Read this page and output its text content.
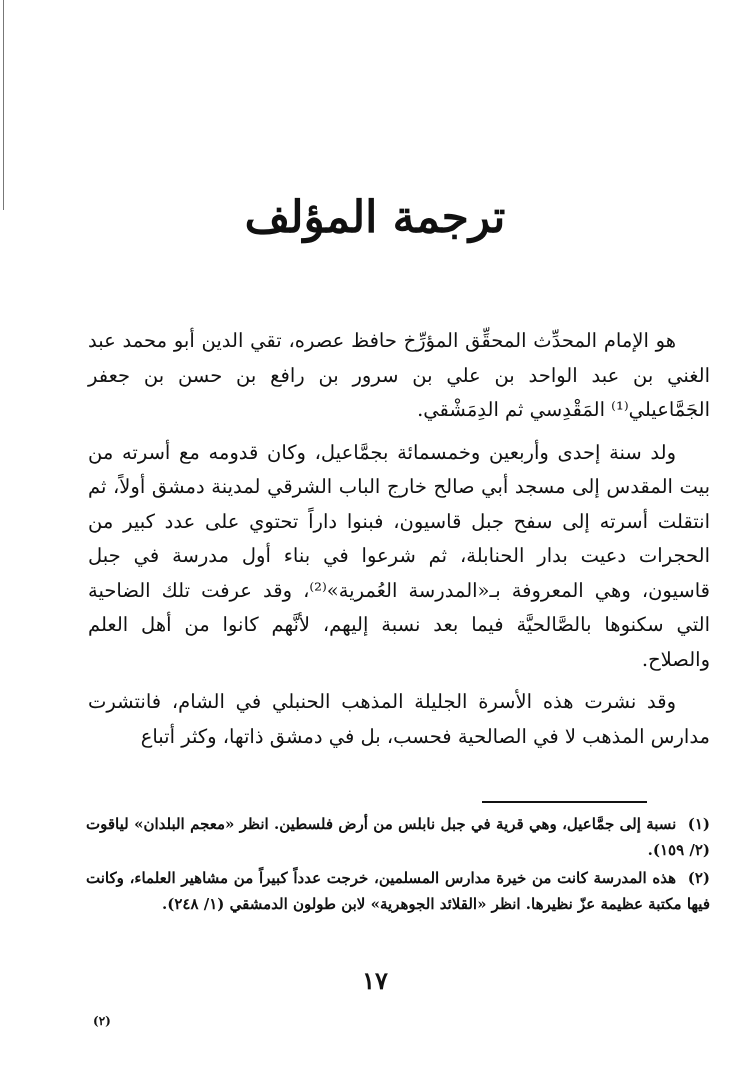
ترجمة المؤلف

هو الإمام المحدِّث المحقِّق المؤرِّخ حافظ عصره، تقي الدين أبو محمد عبد الغني بن عبد الواحد بن علي بن سرور بن رافع بن حسن بن جعفر الجَمَّاعيلي⁽¹⁾ المَقْدِسي ثم الدِمَشْقي.

ولد سنة إحدى وأربعين وخمسمائة بجمَّاعيل، وكان قدومه مع أسرته من بيت المقدس إلى مسجد أبي صالح خارج الباب الشرقي لمدينة دمشق أولاً، ثم انتقلت أسرته إلى سفح جبل قاسيون، فبنوا داراً تحتوي على عدد كبير من الحجرات دعيت بدار الحنابلة، ثم شرعوا في بناء أول مدرسة في جبل قاسيون، وهي المعروفة بـ«المدرسة العُمرية»⁽²⁾، وقد عرفت تلك الضاحية التي سكنوها بالصَّالحيَّة فيما بعد نسبة إليهم، لأنَّهم كانوا من أهل العلم والصلاح.

وقد نشرت هذه الأسرة الجليلة المذهب الحنبلي في الشام، فانتشرت مدارس المذهب لا في الصالحية فحسب، بل في دمشق ذاتها، وكثر أتباع

(١) نسبة إلى جمَّاعيل، وهي قرية في جبل نابلس من أرض فلسطين. انظر «معجم البلدان» لياقوت (٢/ ١٥٩).
(٢) هذه المدرسة كانت من خيرة مدارس المسلمين، خرجت عدداً كبيراً من مشاهير العلماء، وكانت فيها مكتبة عظيمة عزّ نظيرها. انظر «القلائد الجوهرية» لابن طولون الدمشقي (١/ ٢٤٨).
١٧
(٢)
